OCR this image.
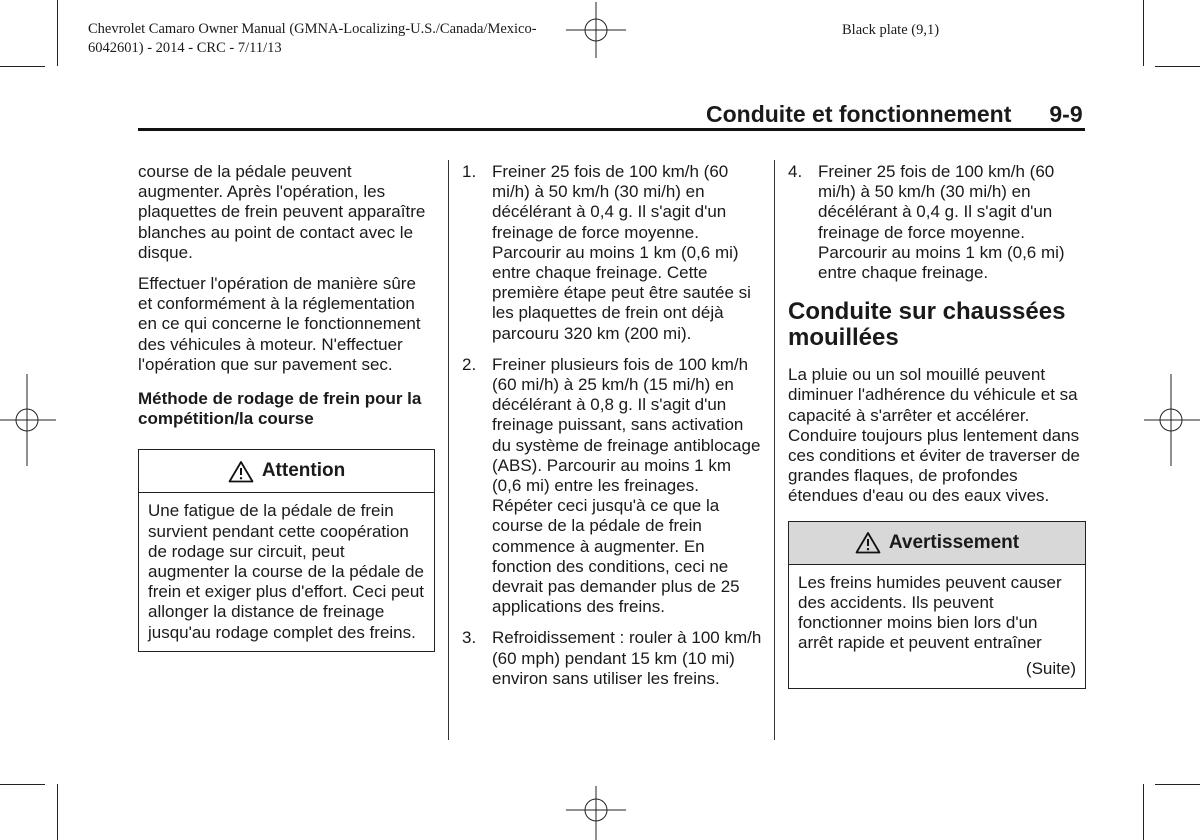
Chevrolet Camaro Owner Manual (GMNA-Localizing-U.S./Canada/Mexico-
6042601) - 2014 - CRC - 7/11/13
Black plate (9,1)
Conduite et fonctionnement 9-9

course de la pédale peuvent augmenter. Après l'opération, les plaquettes de frein peuvent apparaître blanches au point de contact avec le disque.

Effectuer l'opération de manière sûre et conformément à la réglementation en ce qui concerne le fonctionnement des véhicules à moteur. N'effectuer l'opération que sur pavement sec.

Méthode de rodage de frein pour la compétition/la course

Attention
Une fatigue de la pédale de frein survient pendant cette coopération de rodage sur circuit, peut augmenter la course de la pédale de frein et exiger plus d'effort. Ceci peut allonger la distance de freinage jusqu'au rodage complet des freins.
1. Freiner 25 fois de 100 km/h (60 mi/h) à 50 km/h (30 mi/h) en décélérant à 0,4 g. Il s'agit d'un freinage de force moyenne. Parcourir au moins 1 km (0,6 mi) entre chaque freinage. Cette première étape peut être sautée si les plaquettes de frein ont déjà parcouru 320 km (200 mi).
2. Freiner plusieurs fois de 100 km/h (60 mi/h) à 25 km/h (15 mi/h) en décélérant à 0,8 g. Il s'agit d'un freinage puissant, sans activation du système de freinage antiblocage (ABS). Parcourir au moins 1 km (0,6 mi) entre les freinages. Répéter ceci jusqu'à ce que la course de la pédale de frein commence à augmenter. En fonction des conditions, ceci ne devrait pas demander plus de 25 applications des freins.
3. Refroidissement : rouler à 100 km/h (60 mph) pendant 15 km (10 mi) environ sans utiliser les freins.
4. Freiner 25 fois de 100 km/h (60 mi/h) à 50 km/h (30 mi/h) en décélérant à 0,4 g. Il s'agit d'un freinage de force moyenne. Parcourir au moins 1 km (0,6 mi) entre chaque freinage.
Conduite sur chaussées mouillées

La pluie ou un sol mouillé peuvent diminuer l'adhérence du véhicule et sa capacité à s'arrêter et accélérer. Conduire toujours plus lentement dans ces conditions et éviter de traverser de grandes flaques, de profondes étendues d'eau ou des eaux vives.

Avertissement
Les freins humides peuvent causer des accidents. Ils peuvent fonctionner moins bien lors d'un arrêt rapide et peuvent entraîner
(Suite)
